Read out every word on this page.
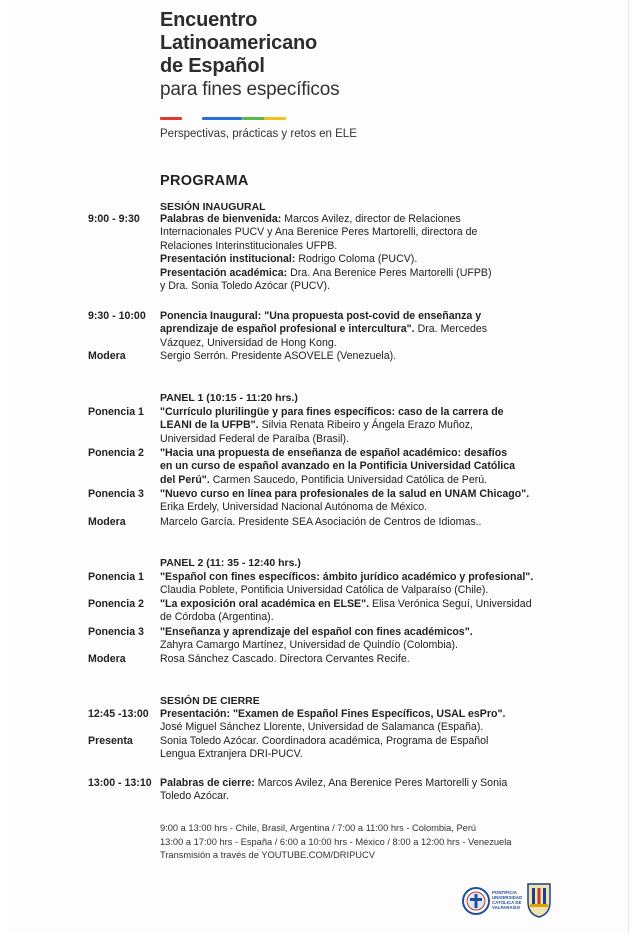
Encuentro
Latinoamericano
de Español
para fines específicos
Perspectivas, prácticas y retos en ELE
PROGRAMA
SESIÓN INAUGURAL
9:00 - 9:30	Palabras de bienvenida: Marcos Avilez, director de Relaciones
Internacionales PUCV y Ana Berenice Peres Martorelli, directora de
Relaciones Interinstitucionales UFPB.
Presentación institucional: Rodrigo Coloma (PUCV).
Presentación académica: Dra. Ana Berenice Peres Martorelli (UFPB)
y Dra. Sonia Toledo Azócar (PUCV).
9:30 - 10:00	Ponencia Inaugural: "Una propuesta post-covid de enseñanza y
aprendizaje de español profesional e intercultura". Dra. Mercedes
Vázquez, Universidad de Hong Kong.
Modera	Sergio Serrón. Presidente ASOVELE (Venezuela).
PANEL 1 (10:15 - 11:20 hrs.)
Ponencia 1	"Currículo plurilingüe y para fines específicos: caso de la carrera de
LEANI de la UFPB". Silvia Renata Ribeiro y Ángela Erazo Muñoz,
Universidad Federal de Paraíba (Brasil).
Ponencia 2	"Hacia una propuesta de enseñanza de español académico: desafíos
en un curso de español avanzado en la Pontificia Universidad Católica
del Perú". Carmen Saucedo, Pontificia Universidad Católica de Perú.
Ponencia 3	"Nuevo curso en línea para profesionales de la salud en UNAM Chicago".
Erika Erdely, Universidad Nacional Autónoma de México.
Modera	Marcelo García. Presidente SEA Asociación de Centros de Idiomas..
PANEL 2 (11: 35 - 12:40 hrs.)
Ponencia 1	"Español con fines específicos: ámbito jurídico académico y profesional".
Claudia Poblete, Pontificia Universidad Católica de Valparaíso (Chile).
Ponencia 2	"La exposición oral académica en ELSE". Elisa Verónica Seguí, Universidad
de Córdoba (Argentina).
Ponencia 3	"Enseñanza y aprendizaje del español con fines académicos".
Zahyra Camargo Martínez, Universidad de Quindío (Colombia).
Modera	Rosa Sánchez Cascado. Directora Cervantes Recife.
SESIÓN DE CIERRE
12:45 -13:00	Presentación: "Examen de Español Fines Específicos, USAL esPro".
José Miguel Sánchez Llorente, Universidad de Salamanca (España).
Presenta	Sonia Toledo Azócar. Coordinadora académica, Programa de Español
Lengua Extranjera DRI-PUCV.
13:00 - 13:10 Palabras de cierre: Marcos Avilez, Ana Berenice Peres Martorelli y Sonia
Toledo Azócar.
9:00 a 13:00 hrs - Chile, Brasil, Argentina / 7:00 a 11:00 hrs - Colombia, Perú
13:00 a 17:00 hrs - España / 6:00 a 10:00 hrs - México / 8:00 a 12:00 hrs - Venezuela
Transmisión a través de YOUTUBE.COM/DRIPUCV
PONTIFICIA
UNIVERSIDAD
CATÓLICA DE
VALPARAÍSO
